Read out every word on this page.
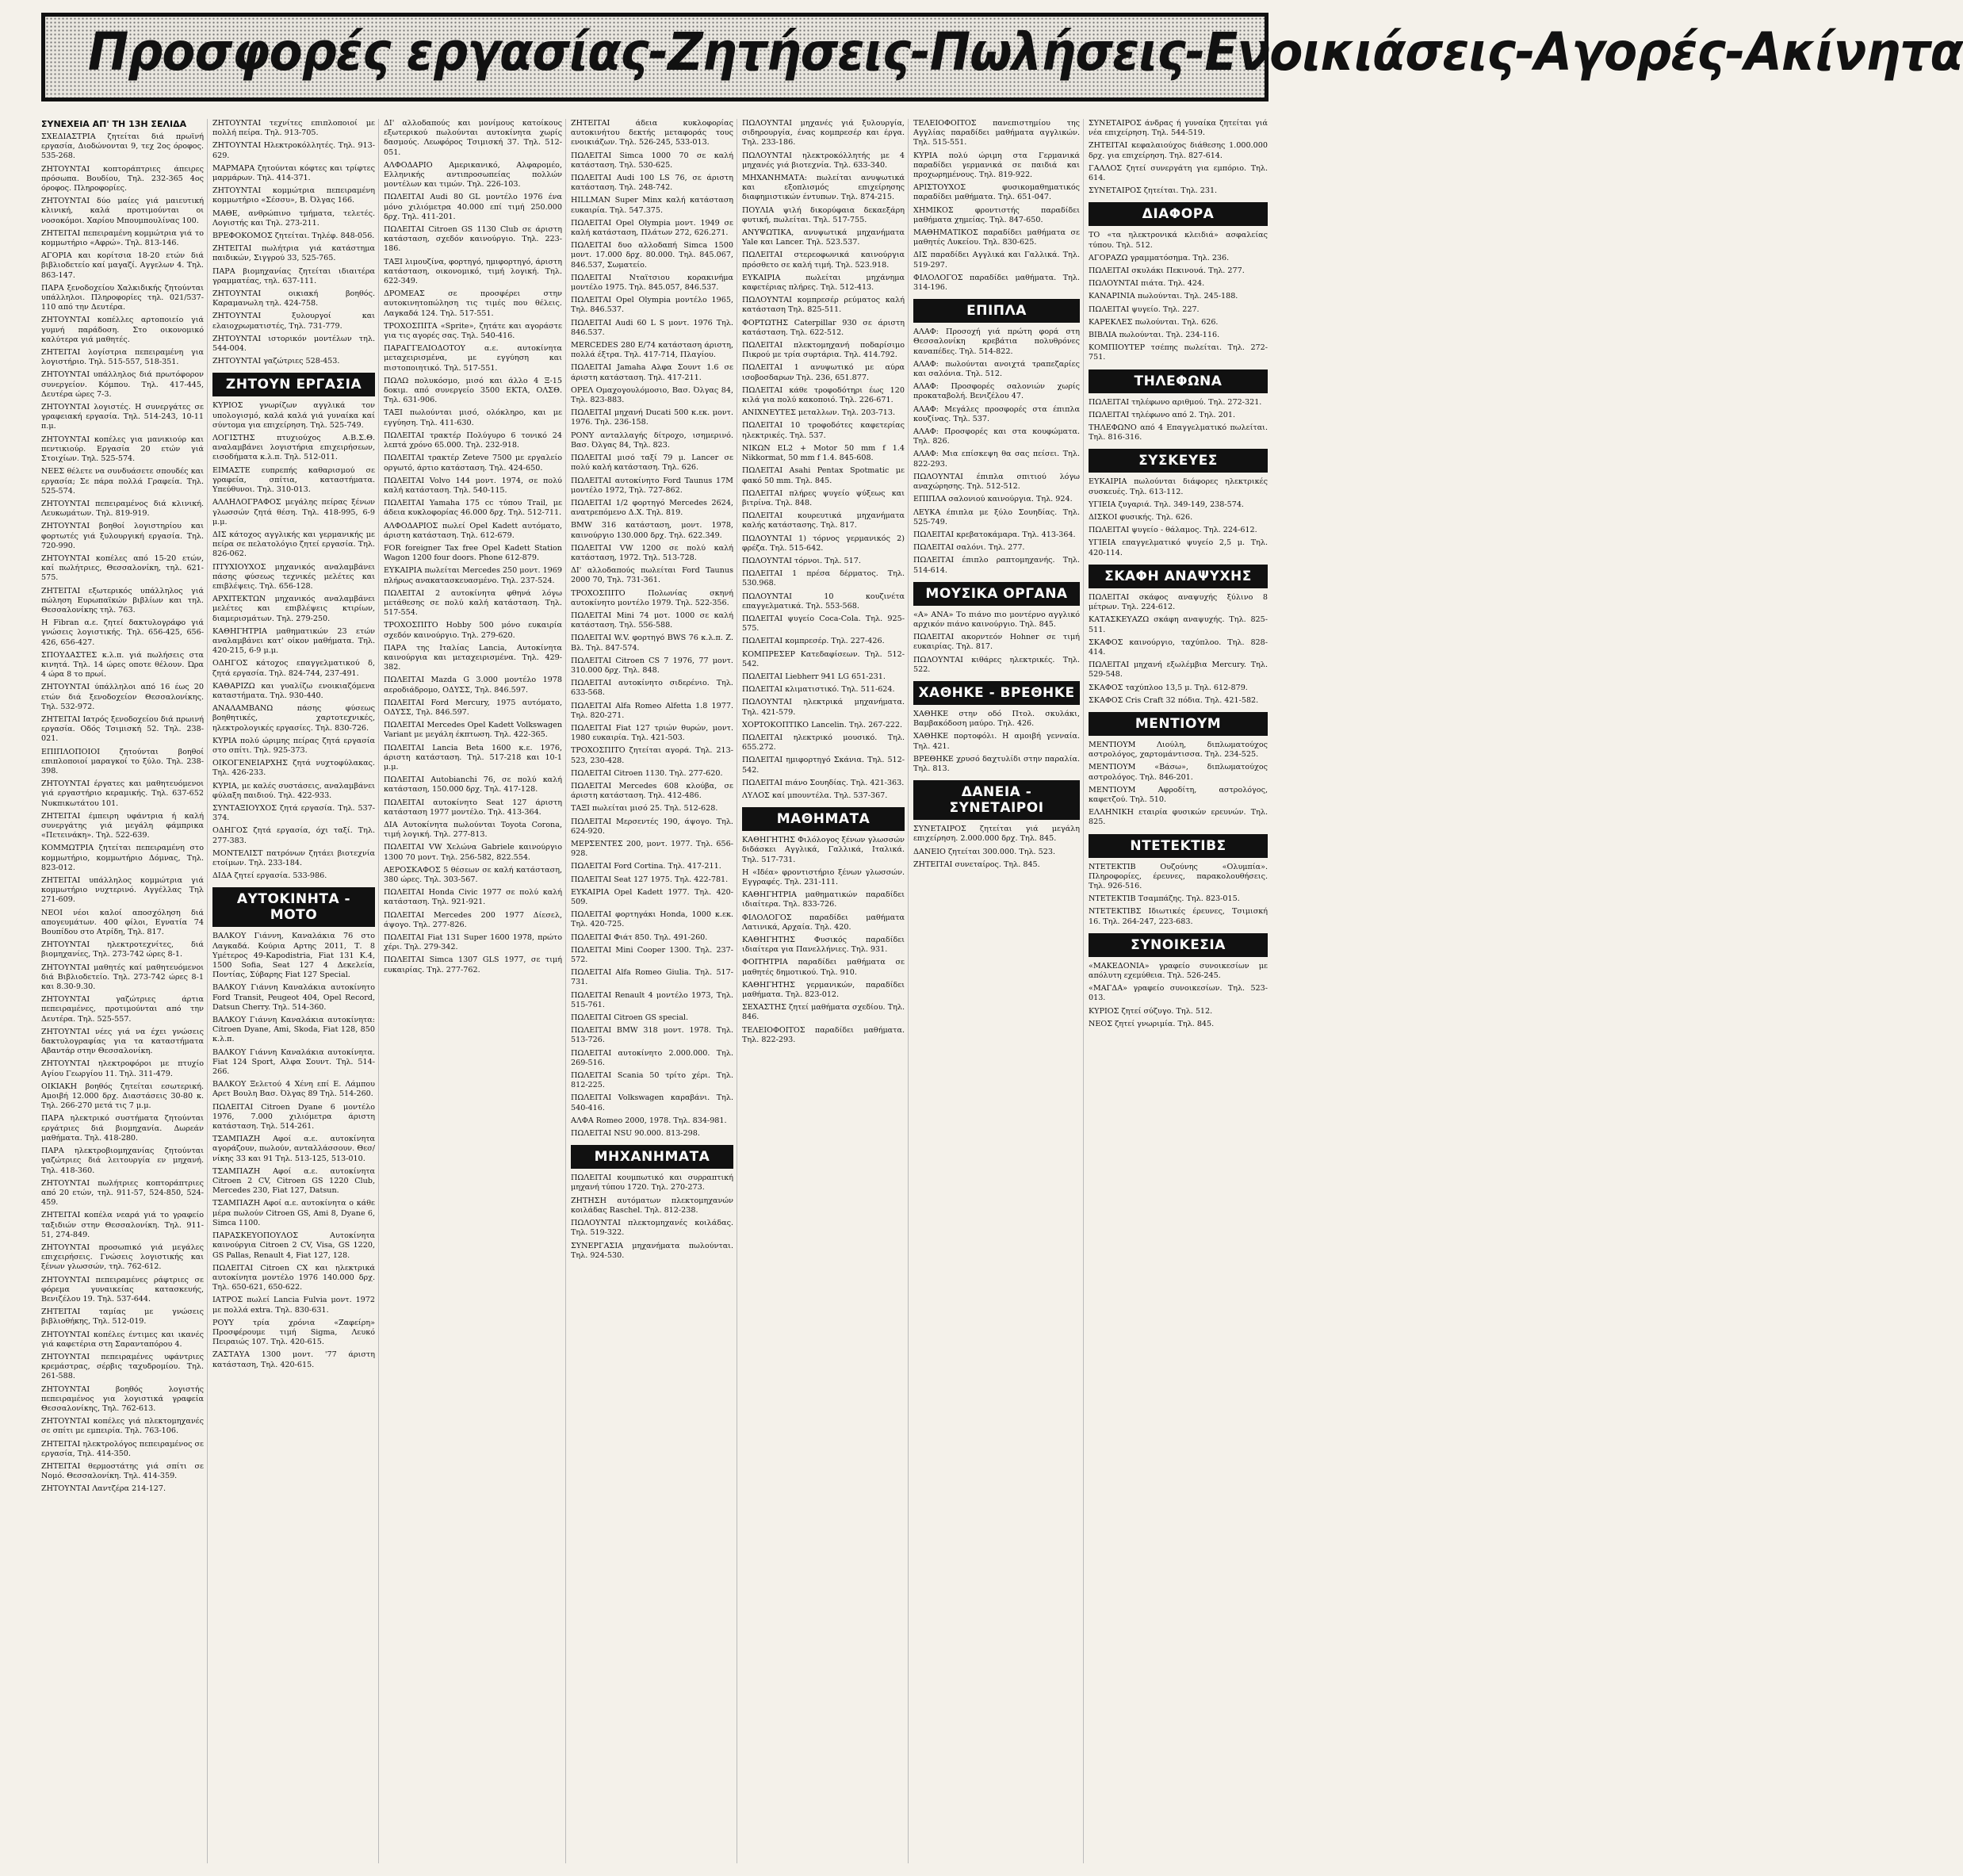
Προσφορές εργασίας-Ζητήσεις-Πωλήσεις-Ενοικιάσεις-Αγορές-Ακίνητα
ΣΥΝΕΧΕΙΑ ΑΠ' ΤΗ 13Η ΣΕΛΙΔΑ

ΣΧΕΔΙΑΣΤΡΙΑ ζητείται διά πρωϊνή εργασία, Διοδώνονται 9, τεχ 2ος όροφος. 535-268.

ΖΗΤΟΥΝΤΑΙ κοπτοράπτριες άπειρες πρόσωπα. Βουδίου, Τηλ. 232-365 4ος όροφος. Πληροφορίες.

ΖΗΤΟΥΝΤΑΙ δύο μαίες γιά μαιευτική κλινική, καλά προτιμούνται οι νοσοκόμοι. Χαρίου Μπουμπουλίνας 100.

ΖΗΤΕΙΤΑΙ πεπειραμένη κομμώτρια γιά το κομμωτήριο «Αφρώ». Τηλ. 813-146.

ΑΓΟΡΙΑ και κορίτσια 18-20 ετών διά βιβλιοδετείο καί μαγαζί. Αγγελων 4. Τηλ. 863-147.

ΠΑΡΑ ξενοδοχείου Χαλκιδικής ζητούνται υπάλληλοι. Πληροφορίες τηλ. 021/537-110 από την Δευτέρα.

ΖΗΤΟΥΝΤΑΙ κοπέλλες αρτοποιείο γιά γυμνή παράδοση. Στο οικονομικό καλύτερα γιά μαθητές.

ΖΗΤΕΙΤΑΙ λογίστρια πεπειραμένη για λογιστήριο. Τηλ. 515-557, 518-351.

ΖΗΤΟΥΝΤΑΙ υπάλληλος διά πρωτόφορον συνεργείον. Κόμπου. Τηλ. 417-445, Δευτέρα ώρες 7-3.

ΖΗΤΟΥΝΤΑΙ λογιστές. Η συνεργάτες σε γραφειακή εργασία. Τηλ. 514-243, 10-11 π.μ.

ΖΗΤΟΥΝΤΑΙ κοπέλες για μανικιούρ και πεντικιούρ. Εργασία 20 ετών γιά Στοιχίων. Τηλ. 525-574.

ΝΕΕΣ θέλετε να συνδυάσετε σπουδές και εργασία; Σε πάρα πολλά Γραφεία. Τηλ. 525-574.

ΖΗΤΟΥΝΤΑΙ πεπειραμένος διά κλινική. Λευκωμάτων. Τηλ. 819-919.

ΖΗΤΟΥΝΤΑΙ βοηθοί λογιστηρίου και φορτωτές γιά ξυλουργική εργασία. Τηλ. 720-990.

ΖΗΤΟΥΝΤΑΙ κοπέλες από 15-20 ετών, καί πωλήτριες, Θεσσαλονίκη, τηλ. 621-575.

ΖΗΤΕΙΤΑΙ εξωτερικός υπάλληλος γιά πώληση Ευρωπαϊκών βιβλίων και τηλ. Θεσσαλονίκης τηλ. 763.

Η Fibran α.ε. ζητεί δακτυλογράφο γιά γνώσεις λογιστικής. Τηλ. 656-425, 656-426, 656-427.

ΣΠΟΥΔΑΣΤΕΣ κ.λ.π. γιά πωλήσεις στα κινητά. Τηλ. 14 ώρες οποτε θέλουν. Ώρα 4 ώρα 8 το πρωί.

ΖΗΤΟΥΝΤΑΙ ύπάλληλοι από 16 έως 20 ετών διά ξενοδοχείον Θεσσαλονίκης. Τηλ. 532-972.

ΖΗΤΕΙΤΑΙ Ιατρός ξενοδοχείου διά πρωινή εργασία. Οδός Τσιμισκή 52. Τηλ. 238-021.

ΕΠΙΠΛΟΠΟΙΟΙ ζητούνται βοηθοί επιπλοποιοί μαραγκοί το ξύλο. Τηλ. 238-398.

ΖΗΤΟΥΝΤΑΙ έργατες και μαθητευόμενοι γιά εργαστήριο κεραμικής. Τηλ. 637-652 Νυκπικωτάτου 101.

ΖΗΤΕΙΤΑΙ έμπειρη υφάντρια ή καλή συνεργάτης γιά μεγάλη φάμπρικα «Πετεινάκη». Τηλ. 522-639.

ΚΟΜΜΩΤΡΙΑ ζητείται πεπειραμένη στο κομμωτήριο, κομμωτήριο Δόμνας, Τηλ. 823-012.

ΖΗΤΕΙΤΑΙ υπάλληλος κομμώτρια γιά κομμωτήριο νυχτερινό. Αγγέλλας Τηλ 271-609.

ΝΕΟΙ νέοι καλοί αποσχόληση διά απογευμάτων. 400 φίλοι, Εγνατία 74 Βουπίδου στο Ατρίδη, Τηλ. 817.

ΖΗΤΟΥΝΤΑΙ ηλεκτροτεχνίτες, διά βιομηχανίες, Τηλ. 273-742 ώρες 8-1.

ΖΗΤΟΥΝΤΑΙ μαθητές καί μαθητευόμενοι διά Βιβλιοδετείο. Τηλ. 273-742 ώρες 8-1 και 8.30-9.30.

ΖΗΤΟΥΝΤΑΙ γαζώτριες άρτια πεπειραμένες, προτιμούνται από την Δευτέρα. Τηλ. 525-557.

ΖΗΤΟΥΝΤΑΙ νέες γιά να έχει γνώσεις δακτυλογραφίας για τα καταστήματα Αβαντάρ στην Θεσσαλονίκη.

ΖΗΤΟΥΝΤΑΙ ηλεκτροφόροι με πτυχίο Αγίου Γεωργίου 11. Τηλ. 311-479.

ΟΙΚΙΑΚΗ βοηθός ζητείται εσωτερική. Αμοιβή 12.000 δρχ. Διαστάσεις 30-80 κ. Τηλ. 266-270 μετά τις 7 μ.μ.

ΠΑΡΑ ηλεκτρικό συστήματα ζητούνται εργάτριες διά βιομηχανία. Δωρεάν μαθήματα. Τηλ. 418-280.

ΠΑΡΑ ηλεκτροβιομηχανίας ζητούνται γαζώτριες διά λειτουργία εν μηχανή. Τηλ. 418-360.

ΖΗΤΟΥΝΤΑΙ πωλήτριες κοπτοράπτριες από 20 ετών, τηλ. 911-57, 524-850, 524-459.

ΖΗΤΕΙΤΑΙ κοπέλα νεαρά γιά το γραφείο ταξιδιών στην Θεσσαλονίκη. Τηλ. 911-51, 274-849.

ΖΗΤΟΥΝΤΑΙ προσωπικό γιά μεγάλες επιχειρήσεις. Γνώσεις λογιστικής και ξένων γλωσσών, τηλ. 762-612.

ΖΗΤΟΥΝΤΑΙ πεπειραμένες ράφτριες σε φόρεμα γυναικείας κατασκευής, Βενιζέλου 19. Τηλ. 537-644.

ΖΗΤΕΙΤΑΙ ταμίας με γνώσεις βιβλιοθήκης, Τηλ. 512-019.

ΖΗΤΟΥΝΤΑΙ κοπέλες έντιμες και ικανές γιά καφετέρια στη Σαρανταπόρου 4.

ΖΗΤΟΥΝΤΑΙ πεπειραμένες υφάντριες κρεμάστρας, σέρβις ταχυδρομίου. Τηλ. 261-588.

ΖΗΤΟΥΝΤΑΙ βοηθός λογιστής πεπειραμένος για λογιστικά γραφεία Θεσσαλονίκης, Τηλ. 762-613.

ΖΗΤΟΥΝΤΑΙ κοπέλες γιά πλεκτομηχανές σε σπίτι με εμπειρία. Τηλ. 763-106.

ΖΗΤΕΙΤΑΙ ηλεκτρολόγος πεπειραμένος σε εργασία, Τηλ. 414-350.

ΖΗΤΕΙΤΑΙ θερμοστάτης γιά σπίτι σε Νομό. Θεσσαλονίκη. Τηλ. 414-359.

ΖΗΤΟΥΝΤΑΙ Λαντζέρα 214-127.

ΖΗΤΟΥΝΤΑΙ τεχνίτες επιπλοποιοί με πολλή πείρα. Τηλ. 913-705.

ΖΗΤΟΥΝΤΑΙ Ηλεκτροκόλλητές. Τηλ. 913-629.

ΜΑΡΜΑΡΑ ζητούνται κόφτες και τρίφτες μαρμάρων. Τηλ. 414-371.

ΖΗΤΟΥΝΤΑΙ κομμώτρια πεπειραμένη κομμωτήριο «Σέσσυ», Β. Όλγας 166.

ΜΑΘΕ, ανθρώπινο τμήματα, τελετές. Λογιστής και Τηλ. 273-211.

ΒΡΕΦΟΚΟΜΟΣ ζητείται. Τηλέφ. 848-056.

ΖΗΤΕΙΤΑΙ πωλήτρια γιά κατάστημα παιδικών, Σιγγρού 33, 525-765.

ΠΑΡΑ βιομηχανίας ζητείται ιδιαιτέρα γραμματέας, τηλ. 637-111.

ΖΗΤΟΥΝΤΑΙ οικιακή βοηθός. Καραμανωλη τηλ. 424-758.

ΖΗΤΟΥΝΤΑΙ ξυλουργοί και ελαιοχρωματιστές, Τηλ. 731-779.

ΖΗΤΟΥΝΤΑΙ ιστορικόν μοντέλων τηλ. 544-004.

ΖΗΤΟΥΝΤΑΙ γαζώτριες 528-453.

ΖΗΤΟΥΝ ΕΡΓΑΣΙΑ

ΚΥΡΙΟΣ γνωρίζων αγγλικά τον υπολογισμό, καλά καλά γιά γυναίκα καί σύντομα για επιχείρηση. Τηλ. 525-749.

ΛΟΓΙΣΤΗΣ πτυχιούχος Α.Β.Σ.Θ. αναλαμβάνει λογιστήρια επιχειρήσεων, εισοδήματα κ.λ.π. Τηλ. 512-011.

ΕΙΜΑΣΤΕ ευπρεπής καθαρισμού σε γραφεία, σπίτια, καταστήματα. Υπεύθυνοι. Τηλ. 310-013.

ΑΛΛΗΛΟΓΡΑΦΟΣ μεγάλης πείρας ξένων γλωσσών ζητά θέση. Τηλ. 418-995, 6-9 μ.μ.

ΔΙΣ κάτοχος αγγλικής και γερμανικής με πείρα σε πελατολόγιο ζητεί εργασία. Τηλ. 826-062.

ΠΤΥΧΙΟΥΧΟΣ μηχανικός αναλαμβάνει πάσης φύσεως τεχνικές μελέτες και επιβλέψεις. Τηλ. 656-128.

ΑΡΧΙΤΕΚΤΩΝ μηχανικός αναλαμβάνει μελέτες και επιβλέψεις κτιρίων, διαμερισμάτων. Τηλ. 279-250.

ΚΑΘΗΓΗΤΡΙΑ μαθηματικών 23 ετών αναλαμβάνει κατ' οίκον μαθήματα. Τηλ. 420-215, 6-9 μ.μ.

ΟΔΗΓΟΣ κάτοχος επαγγελματικού δ, ζητά εργασία. Τηλ. 824-744, 237-491.

ΚΑΘΑΡΙΖΩ και γυαλίζω ενοικιαζόμενα καταστήματα. Τηλ. 930-440.

ΑΝΑΛΑΜΒΑΝΩ πάσης φύσεως βοηθητικές, χαρτοτεχνικές, ηλεκτρολογικές εργασίες. Τηλ. 830-726.

ΚΥΡΙΑ πολύ ώριμης πείρας ζητά εργασία στο σπίτι. Τηλ. 925-373.

ΟΙΚΟΓΕΝΕΙΑΡΧΗΣ ζητά νυχτοφύλακας. Τηλ. 426-233.

ΚΥΡΙΑ, με καλές συστάσεις, αναλαμβάνει φύλαξη παιδιού. Τηλ. 422-933.

ΣΥΝΤΑΞΙΟΥΧΟΣ ζητά εργασία. Τηλ. 537-374.

ΟΔΗΓΟΣ ζητά εργασία, όχι ταξί. Τηλ. 277-383.

ΜΟΝΤΕΛΙΣΤ πατρόνων ζητάει βιοτεχνία ετοίμων. Τηλ. 233-184.

ΔΙΔΑ ζητεί εργασία. 533-986.

ΑΥΤΟΚΙΝΗΤΑ - ΜΟΤΟ

ΒΑΛΚΟΥ Γιάννη, Καναλάκια 76 στο Λαγκαδά. Κούρια Αρτης 2011, Τ. 8 Υμέτερος 49-Kapodistria, Fiat 131 Κ.4, 1500 Sofia, Seat 127 4 Δεκελεία, Ποντίας, Σύβαρης Fiat 127 Special.

ΒΑΛΚΟΥ Γιάννη Καναλάκια αυτοκίνητο Ford Transit, Peugeot 404, Opel Record, Datsun Cherry. Τηλ. 514-360.

ΒΑΛΚΟΥ Γιάννη Καναλάκια αυτοκίνητα: Citroen Dyane, Ami, Skoda, Fiat 128, 850 κ.λ.π.

ΒΑΛΚΟΥ Γιάννη Καναλάκια αυτοκίνητα. Fiat 124 Sport, Αλφα Σουντ. Τηλ. 514-266.

ΒΑΛΚΟΥ Ξελετού 4 Χένη επί Ε. Λάμπου Αρετ Βουλη Βασ. Όλγας 89 Τηλ. 514-260.

ΠΩΛΕΙΤΑΙ Citroen Dyane 6 μοντέλο 1976, 7.000 χιλιόμετρα άριστη κατάσταση. Τηλ. 514-261.

ΤΣΑΜΠΑΖΗ Αφοί α.ε. αυτοκίνητα αγοράζουν, πωλούν, ανταλλάσσουν. Θεσ/νίκης 33 και 91 Τηλ. 513-125, 513-010.

ΤΣΑΜΠΑΖΗ Αφοί α.ε. αυτοκίνητα Citroen 2 CV, Citroen GS 1220 Club, Mercedes 230, Fiat 127, Datsun.

ΤΣΑΜΠΑΖΗ Αφοί α.ε. αυτοκίνητα ο κάθε μέρα πωλούν Citroen GS, Ami 8, Dyane 6, Simca 1100.

ΠΑΡΑΣΚΕΥΟΠΟΥΛΟΣ Αυτοκίνητα καινούργια Citroen 2 CV, Visa, GS 1220, GS Pallas, Renault 4, Fiat 127, 128.

ΠΩΛΕΙΤΑΙ Citroen CX και ηλεκτρικά αυτοκίνητα μοντέλο 1976 140.000 δρχ. Τηλ. 650-621, 650-622.

ΙΑΤΡΟΣ πωλεί Lancia Fulvia μοντ. 1972 με πολλά extra. Τηλ. 830-631.

ΡΟΥΥ τρία χρόνια «Ζαφείρη» Προσφέρουμε τιμή Sigma, Λευκό Πειραιώς 107. Τηλ. 420-615.

ΖΑΣΤΑΥΑ 1300 μοντ. '77 άριστη κατάσταση, Τηλ. 420-615.

ΔΙ' αλλοδαπούς και μονίμους κατοίκους εξωτερικού πωλούνται αυτοκίνητα χωρίς δασμούς. Λεωφόρος Τσιμισκή 37. Τηλ. 512-051.

ΑΛΦΟΔΑΡΙΟ Αμερικανικό, Αλφαρομέο, Ελληνικής αντιπροσωπείας πολλών μοντέλων και τιμών. Τηλ. 226-103.

ΠΩΛΕΙΤΑΙ Audi 80 GL μοντέλο 1976 ένα μόνο χιλιόμετρα 40.000 επί τιμή 250.000 δρχ. Τηλ. 411-201.

ΠΩΛΕΙΤΑΙ Citroen GS 1130 Club σε άριστη κατάσταση, σχεδόν καινούργιο. Τηλ. 223-186.

ΤΑΞΙ λιμουζίνα, φορτηγό, ημιφορτηγό, άριστη κατάσταση, οικονομικό, τιμή λογική. Τηλ. 622-349.

ΔΡΟΜΕΑΣ σε προσφέρει στην αυτοκινητοπώληση τις τιμές που θέλεις. Λαγκαδά 124. Τηλ. 517-551.

ΤΡΟΧΟΣΠΙΤΑ «Sprite», ζητάτε και αγοράστε για τις αγορές σας. Τηλ. 540-416.

ΠΑΡΑΓΓΕΛΙΟΔΟΤΟΥ α.ε. αυτοκίνητα μεταχειρισμένα, με εγγύηση και πιστοποιητικό. Τηλ. 517-551.

ΠΩΛΩ πολυκόσμο, μισό και άλλο 4 Ξ-15 δοκιμ. από συνεργείο 3500 ΕΚΤΑ, ΟΛΣΘ. Τηλ. 631-906.

ΤΑΞΙ πωλούνται μισό, ολόκληρο, και με εγγύηση. Τηλ. 411-630.

ΠΩΛΕΙΤΑΙ τρακτέρ Πολύγυρο 6 τονικό 24 λεπτά χρόνο 65.000. Τηλ. 232-918.

ΠΩΛΕΙΤΑΙ τρακτέρ Zeteve 7500 με εργαλείο οργωτό, άρτιο κατάσταση. Τηλ. 424-650.

ΠΩΛΕΙΤΑΙ Volvo 144 μοντ. 1974, σε πολύ καλή κατάσταση. Τηλ. 540-115.

ΠΩΛΕΙΤΑΙ Yamaha 175 cc τύπου Trail, με άδεια κυκλοφορίας 46.000 δρχ. Τηλ. 512-711.

ΑΛΦΟΔΑΡΙΟΣ πωλεί Opel Kadett αυτόματο, άριστη κατάσταση. Τηλ. 612-679.

FOR foreigner Tax free Opel Kadett Station Wagon 1200 four doors. Phone 612-879.

ΕΥΚΑΙΡΙΑ πωλείται Mercedes 250 μοντ. 1969 πλήρως ανακατασκευασμένο. Τηλ. 237-524.

ΠΩΛΕΙΤΑΙ 2 αυτοκίνητα φθηνά λόγω μετάθεσης σε πολύ καλή κατάσταση. Τηλ. 517-554.

ΤΡΟΧΟΣΠΙΤΟ Hobby 500 μόνο ευκαιρία σχεδόν καινούργιο. Τηλ. 279-620.

ΠΑΡΑ της Ιταλίας Lancia, Αυτοκίνητα καινούργια και μεταχειρισμένα. Τηλ. 429-382.

ΠΩΛΕΙΤΑΙ Mazda G 3.000 μοντέλο 1978 αεροδιάδρομο, ΟΔΥΣΣ, Τηλ. 846.597.

ΠΩΛΕΙΤΑΙ Ford Mercury, 1975 αυτόματο, ΟΔΥΣΣ, Τηλ. 846.597.

ΠΩΛΕΙΤΑΙ Mercedes Opel Kadett Volkswagen Variant με μεγάλη έκπτωση. Τηλ. 422-365.

ΠΩΛΕΙΤΑΙ Lancia Beta 1600 κ.ε. 1976, άριστη κατάσταση. Τηλ. 517-218 και 10-1 μ.μ.

ΠΩΛΕΙΤΑΙ Autobianchi 76, σε πολύ καλή κατάσταση, 150.000 δρχ. Τηλ. 417-128.

ΠΩΛΕΙΤΑΙ αυτοκίνητο Seat 127 άριστη κατάσταση 1977 μοντέλο. Τηλ. 413-364.

ΔΙΑ Αυτοκίνητα πωλούνται Toyota Corona, τιμή λογική. Τηλ. 277-813.

ΠΩΛΕΙΤΑΙ VW Χελώνα Gabriele καινούργιο 1300 70 μοντ. Τηλ. 256-582, 822.554.

ΑΕΡΟΣΚΑΦΟΣ 5 θέσεων σε καλή κατάσταση, 380 ώρες. Τηλ. 303-567.

ΠΩΛΕΙΤΑΙ Honda Civic 1977 σε πολύ καλή κατάσταση. Τηλ. 921-921.

ΠΩΛΕΙΤΑΙ Mercedes 200 1977 Δίεσελ, άψογο. Τηλ. 277-826.

ΠΩΛΕΙΤΑΙ Fiat 131 Super 1600 1978, πρώτο χέρι. Τηλ. 279-342.

ΠΩΛΕΙΤΑΙ Simca 1307 GLS 1977, σε τιμή ευκαιρίας. Τηλ. 277-762.

ΖΗΤΕΙΤΑΙ άδεια κυκλοφορίας αυτοκινήτου δεκτής μεταφοράς τους ενοικιάζων. Τηλ. 526-245, 533-013.

ΠΩΛΕΙΤΑΙ Simca 1000 70 σε καλή κατάσταση. Τηλ. 530-625.

ΠΩΛΕΙΤΑΙ Audi 100 LS 76, σε άριστη κατάσταση. Τηλ. 248-742.

HILLMAN Super Minx καλή κατάσταση ευκαιρία. Τηλ. 547.375.

ΠΩΛΕΙΤΑΙ Opel Olympia μοντ. 1949 σε καλή κατάσταση, Πλάτων 272, 626.271.

ΠΩΛΕΙΤΑΙ δυο αλλοδαπή Simca 1500 μοντ. 17.000 δρχ. 80.000. Τηλ. 845.067, 846.537, Σωματείο.

ΠΩΛΕΙΤΑΙ Νταϊτσιου κορακινήμα μοντέλο 1975. Τηλ. 845.057, 846.537.

ΠΩΛΕΙΤΑΙ Opel Olympia μοντέλο 1965, Τηλ. 846.537.

ΠΩΛΕΙΤΑΙ Audi 60 L S μοντ. 1976 Τηλ. 846.537.

MERCEDES 280 E/74 κατάσταση άριστη, πολλά έξτρα. Τηλ. 417-714, Πλαγίου.

ΠΩΛΕΙΤΑΙ Jamaha Αλφα Σουντ 1.6 σε άριστη κατάσταση. Τηλ. 417-211.

ΟΡΕΛ Ομαχογουλόμοσιο, Βασ. Όλγας 84, Τηλ. 823-883.

ΠΩΛΕΙΤΑΙ μηχανή Ducati 500 κ.εκ. μοντ. 1976. Τηλ. 236-158.

ΡΟΝΥ ανταλλαγής δίτροχο, ισημερινό. Βασ. Όλγας 84, Τηλ. 823.

ΠΩΛΕΙΤΑΙ μισό ταξί 79 μ. Lancer σε πολύ καλή κατάσταση. Τηλ. 626.

ΠΩΛΕΙΤΑΙ αυτοκίνητο Ford Taunus 17M μοντέλο 1972, Τηλ. 727-862.

ΠΩΛΕΙΤΑΙ 1/2 φορτηγό Mercedes 2624, ανατρεπόμενο Δ.Χ. Τηλ. 819.

BMW 316 κατάσταση, μοντ. 1978, καινούργιο 130.000 δρχ. Τηλ. 622.349.

ΠΩΛΕΙΤΑΙ VW 1200 σε πολύ καλή κατάσταση, 1972. Τηλ. 513-728.

ΔΙ' αλλοδαπούς πωλείται Ford Taunus 2000 70, Τηλ. 731-361.

ΤΡΟΧΟΣΠΙΤΟ Πολωνίας σκηνή αυτοκίνητο μοντέλο 1979. Τηλ. 522-356.

ΠΩΛΕΙΤΑΙ Mini 74 μοτ. 1000 σε καλή κατάσταση. Τηλ. 556-588.

ΠΩΛΕΙΤΑΙ W.V. φορτηγό BWS 76 κ.λ.π. Ζ. Βλ. Τηλ. 847-574.

ΠΩΛΕΙΤΑΙ Citroen CS 7 1976, 77 μοντ. 310.000 δρχ. Τηλ. 848.

ΠΩΛΕΙΤΑΙ αυτοκίνητο σιδερένιο. Τηλ. 633-568.

ΠΩΛΕΙΤΑΙ Alfa Romeo Alfetta 1.8 1977. Τηλ. 820-271.

ΠΩΛΕΙΤΑΙ Fiat 127 τριών θυρών, μοντ. 1980 ευκαιρία. Τηλ. 421-503.

ΤΡΟΧΟΣΠΙΤΟ ζητείται αγορά. Τηλ. 213-523, 230-428.

ΠΩΛΕΙΤΑΙ Citroen 1130. Τηλ. 277-620.

ΠΩΛΕΙΤΑΙ Mercedes 608 κλούβα, σε άριστη κατάσταση. Τηλ. 412-486.

ΤΑΞΙ πωλείται μισό 25. Τηλ. 512-628.

ΠΩΛΕΙΤΑΙ Μερσεντές 190, άψογο. Τηλ. 624-920.

ΜΕΡΣΕΝΤΕΣ 200, μοντ. 1977. Τηλ. 656-928.

ΠΩΛΕΙΤΑΙ Ford Cortina. Τηλ. 417-211.

ΠΩΛΕΙΤΑΙ Seat 127 1975. Τηλ. 422-781.

ΕΥΚΑΙΡΙΑ Opel Kadett 1977. Τηλ. 420-509.

ΠΩΛΕΙΤΑΙ φορτηγάκι Honda, 1000 κ.εκ. Τηλ. 420-725.

ΠΩΛΕΙΤΑΙ Φιάτ 850. Τηλ. 491-260.

ΠΩΛΕΙΤΑΙ Mini Cooper 1300. Τηλ. 237-572.

ΠΩΛΕΙΤΑΙ Alfa Romeo Giulia. Τηλ. 517-731.

ΠΩΛΕΙΤΑΙ Renault 4 μοντέλο 1973, Τηλ. 515-761.

ΠΩΛΕΙΤΑΙ Citroen GS special.

ΠΩΛΕΙΤΑΙ BMW 318 μοντ. 1978. Τηλ. 513-726.

ΠΩΛΕΙΤΑΙ αυτοκίνητο 2.000.000. Τηλ. 269-516.

ΠΩΛΕΙΤΑΙ Scania 50 τρίτο χέρι. Τηλ. 812-225.

ΠΩΛΕΙΤΑΙ Volkswagen καραβάνι. Τηλ. 540-416.

ΑΛΦΑ Romeo 2000, 1978. Τηλ. 834-981.

ΠΩΛΕΙΤΑΙ NSU 90.000. 813-298.

ΜΗΧΑΝΗΜΑΤΑ

ΠΩΛΕΙΤΑΙ κουμπωτικό και συρραπτική μηχανή τύπου 1720. Τηλ. 270-273.

ΖΗΤΗΣΗ αυτόματων πλεκτομηχανών κοιλάδας Raschel. Τηλ. 812-238.

ΠΩΛΟΥΝΤΑΙ πλεκτομηχανές κοιλάδας. Τηλ. 519-322.

ΣΥΝΕΡΓΑΣΙΑ μηχανήματα πωλούνται. Τηλ. 924-530.

ΠΩΛΟΥΝΤΑΙ μηχανές γιά ξυλουργία, σιδηρουργία, ένας κομπρεσέρ και έργα. Τηλ. 233-186.

ΠΩΛΟΥΝΤΑΙ ηλεκτροκόλλητής με 4 μηχανές γιά βιοτεχνία. Τηλ. 633-340.

ΜΗΧΑΝΗΜΑΤΑ: πωλείται ανυψωτικά και εξοπλισμός επιχείρησης διαφημιστικών έντυπων. Τηλ. 874-215.

ΠΟΥΛΙΑ ψιλή δικορύφαια δεκαεξάρη φυτική, πωλείται. Τηλ. 517-755.

ΑΝΥΨΩΤΙΚΑ, ανυψωτικά μηχανήματα Yale και Lancer. Τηλ. 523.537.

ΠΩΛΕΙΤΑΙ στερεοφωνικά καινούργια πρόσθετο σε καλή τιμή. Τηλ. 523.918.

ΕΥΚΑΙΡΙΑ πωλείται μηχάνημα καφετέριας πλήρες. Τηλ. 512-413.

ΠΩΛΟΥΝΤΑΙ κομπρεσέρ ρεύματος καλή κατάσταση Τηλ. 825-511.

ΦΟΡΤΩΤΗΣ Caterpillar 930 σε άριστη κατάσταση. Τηλ. 622-512.

ΠΩΛΕΙΤΑΙ πλεκτομηχανή ποδαρίσιμο Πικρού με τρία συρτάρια. Τηλ. 414.792.

ΠΩΛΕΙΤΑΙ 1 ανυψωτικό με αύρα ισοβοσδαρων Τηλ. 236, 651.877.

ΠΩΛΕΙΤΑΙ κάθε τροφοδότηρι έως 120 κιλά για πολύ κακοποιό. Τηλ. 226-671.

ΑΝΙΧΝΕΥΤΕΣ μεταλλων. Τηλ. 203-713.

ΠΩΛΕΙΤΑΙ 10 τροφοδότες καφετερίας ηλεκτρικές. Τηλ. 537.

ΝΙΚΩΝ EL2 + Motor 50 mm f 1.4 Nikkormat, 50 mm f 1.4. 845-608.

ΠΩΛΕΙΤΑΙ Asahi Pentax Spotmatic με φακό 50 mm. Τηλ. 845.

ΠΩΛΕΙΤΑΙ πλήρες ψυγείο ψύξεως και βιτρίνα. Τηλ. 848.

ΠΩΛΕΙΤΑΙ κουρευτικά μηχανήματα καλής κατάστασης. Τηλ. 817.

ΠΩΛΟΥΝΤΑΙ 1) τόρνος γερμανικός 2) φρέζα. Τηλ. 515-642.

ΠΩΛΟΥΝΤΑΙ τόρνοι. Τηλ. 517.

ΠΩΛΕΙΤΑΙ 1 πρέσα δέρματος. Τηλ. 530.968.

ΠΩΛΟΥΝΤΑΙ 10 κουζινέτα επαγγελματικά. Τηλ. 553-568.

ΠΩΛΕΙΤΑΙ ψυγείο Coca-Cola. Τηλ. 925-575.

ΠΩΛΕΙΤΑΙ κομπρεσέρ. Τηλ. 227-426.

ΚΟΜΠΡΕΣΕΡ Κατεδαφίσεων. Τηλ. 512-542.

ΠΩΛΕΙΤΑΙ Liebherr 941 LG 651-231.

ΠΩΛΕΙΤΑΙ κλιματιστικό. Τηλ. 511-624.

ΠΩΛΟΥΝΤΑΙ ηλεκτρικά μηχανήματα. Τηλ. 421-579.

ΧΟΡΤΟΚΟΠΤΙΚΟ Lancelin. Τηλ. 267-222.

ΠΩΛΕΙΤΑΙ ηλεκτρικό μουσικό. Τηλ. 655.272.

ΠΩΛΕΙΤΑΙ ημιφορτηγό Σκάνια. Τηλ. 512-542.

ΠΩΛΕΙΤΑΙ πιάνο Σουηδίας. Τηλ. 421-363.

ΛΥΛΟΣ καί μπουντέλα. Τηλ. 537-367.

ΜΑΘΗΜΑΤΑ

ΚΑΘΗΓΗΤΗΣ Φιλόλογος ξένων γλωσσών διδάσκει Αγγλικά, Γαλλικά, Ιταλικά. Τηλ. 517-731.

Η «Ιδέα» φροντιστήριο ξένων γλωσσών. Εγγραφές. Τηλ. 231-111.

ΚΑΘΗΓΗΤΡΙΑ μαθηματικών παραδίδει ιδιαίτερα. Τηλ. 833-726.

ΦΙΛΟΛΟΓΟΣ παραδίδει μαθήματα Λατινικά, Αρχαία. Τηλ. 420.

ΚΑΘΗΓΗΤΗΣ Φυσικός παραδίδει ιδιαίτερα για Πανελλήνιες. Τηλ. 931.

ΦΟΙΤΗΤΡΙΑ παραδίδει μαθήματα σε μαθητές δημοτικού. Τηλ. 910.

ΚΑΘΗΓΗΤΗΣ γερμανικών, παραδίδει μαθήματα. Τηλ. 823-012.

ΣΕΧΑΣΤΗΣ ζητεί μαθήματα σχεδίου. Τηλ. 846.

ΤΕΛΕΙΟΦΟΙΤΟΣ παραδίδει μαθήματα. Τηλ. 822-293.

ΤΕΛΕΙΟΦΟΙΤΟΣ πανεπιστημίου της Αγγλίας παραδίδει μαθήματα αγγλικών. Τηλ. 515-551.

ΚΥΡΙΑ πολύ ώριμη στα Γερμανικά παραδίδει γερμανικά σε παιδιά και προχωρημένους. Τηλ. 819-922.

ΑΡΙΣΤΟΥΧΟΣ φυσικομαθηματικός παραδίδει μαθήματα. Τηλ. 651-047.

ΧΗΜΙΚΟΣ φροντιστής παραδίδει μαθήματα χημείας. Τηλ. 847-650.

ΜΑΘΗΜΑΤΙΚΟΣ παραδίδει μαθήματα σε μαθητές Λυκείου. Τηλ. 830-625.

ΔΙΣ παραδίδει Αγγλικά και Γαλλικά. Τηλ. 519-297.

ΦΙΛΟΛΟΓΟΣ παραδίδει μαθήματα. Τηλ. 314-196.

ΕΠΙΠΛΑ

ΑΛΑΦ: Προσοχή γιά πρώτη φορά στη Θεσσαλονίκη κρεβάτια πολυθρόνες καναπέδες. Τηλ. 514-822.

ΑΛΑΦ: πωλούνται ανοιχτά τραπεζαρίες και σαλόνια. Τηλ. 512.

ΑΛΑΦ: Προσφορές σαλονιών χωρίς προκαταβολή. Βενιζέλου 47.

ΑΛΑΦ: Μεγάλες προσφορές στα έπιπλα κουζίνας. Τηλ. 537.

ΑΛΑΦ: Προσφορές και στα κουφώματα. Τηλ. 826.

ΑΛΑΦ: Μια επίσκεψη θα σας πείσει. Τηλ. 822-293.

ΠΩΛΟΥΝΤΑΙ έπιπλα σπιτιού λόγω αναχώρησης. Τηλ. 512-512.

ΕΠΙΠΛΑ σαλονιού καινούργια. Τηλ. 924.

ΛΕΥΚΑ έπιπλα με ξύλο Σουηδίας. Τηλ. 525-749.

ΠΩΛΕΙΤΑΙ κρεβατοκάμαρα. Τηλ. 413-364.

ΠΩΛΕΙΤΑΙ σαλόνι. Τηλ. 277.

ΠΩΛΕΙΤΑΙ έπιπλο ραπτομηχανής. Τηλ. 514-614.

ΜΟΥΣΙΚΑ ΟΡΓΑΝΑ

«Α» ΑΝΑ» Το πιάνο πιο μοντέρνο αγγλικό αρχικόν πιάνο καινούργιο. Τηλ. 845.

ΠΩΛΕΙΤΑΙ ακορντεόν Hohner σε τιμή ευκαιρίας. Τηλ. 817.

ΠΩΛΟΥΝΤΑΙ κιθάρες ηλεκτρικές. Τηλ. 522.

ΧΑΘΗΚΕ - ΒΡΕΘΗΚΕ

ΧΑΘΗΚΕ στην οδό Πτολ. σκυλάκι, Βαμβακόδοση μαύρο. Τηλ. 426.

ΧΑΘΗΚΕ πορτοφόλι. Η αμοιβή γενναία. Τηλ. 421.

ΒΡΕΘΗΚΕ χρυσό δαχτυλίδι στην παραλία. Τηλ. 813.

ΔΑΝΕΙΑ - ΣΥΝΕΤΑΙΡΟΙ

ΣΥΝΕΤΑΙΡΟΣ ζητείται γιά μεγάλη επιχείρηση. 2.000.000 δρχ. Τηλ. 845.

ΔΑΝΕΙΟ ζητείται 300.000. Τηλ. 523.

ΖΗΤΕΙΤΑΙ συνεταίρος. Τηλ. 845.

ΣΥΝΕΤΑΙΡΟΣ άνδρας ή γυναίκα ζητείται γιά νέα επιχείρηση. Τηλ. 544-519.

ΖΗΤΕΙΤΑΙ κεφαλαιούχος διάθεσης 1.000.000 δρχ. για επιχείρηση. Τηλ. 827-614.

ΓΑΛΛΟΣ ζητεί συνεργάτη για εμπόριο. Τηλ. 614.

ΣΥΝΕΤΑΙΡΟΣ ζητείται. Τηλ. 231.

ΔΙΑΦΟΡΑ

ΤΟ «τα ηλεκτρονικά κλειδιά» ασφαλείας τύπου. Τηλ. 512.

ΑΓΟΡΑΖΩ γραμματόσημα. Τηλ. 236.

ΠΩΛΕΙΤΑΙ σκυλάκι Πεκινουά. Τηλ. 277.

ΠΩΛΟΥΝΤΑΙ πιάτα. Τηλ. 424.

ΚΑΝΑΡΙΝΙΑ πωλούνται. Τηλ. 245-188.

ΠΩΛΕΙΤΑΙ ψυγείο. Τηλ. 227.

ΚΑΡΕΚΛΕΣ πωλούνται. Τηλ. 626.

ΒΙΒΛΙΑ πωλούνται. Τηλ. 234-116.

ΚΟΜΠΙΟΥΤΕΡ τσέπης πωλείται. Τηλ. 272-751.

ΤΗΛΕΦΩΝΑ

ΠΩΛΕΙΤΑΙ τηλέφωνο αριθμού. Τηλ. 272-321.

ΠΩΛΕΙΤΑΙ τηλέφωνο από 2. Τηλ. 201.

ΤΗΛΕΦΩΝΟ από 4 Επαγγελματικό πωλείται. Τηλ. 816-316.

ΣΥΣΚΕΥΕΣ

ΕΥΚΑΙΡΙΑ πωλούνται διάφορες ηλεκτρικές συσκευές. Τηλ. 613-112.

ΥΓΙΕΙΑ ζυγαριά. Τηλ. 349-149, 238-574.

ΔΙΣΚΟΙ φυσικής. Τηλ. 626.

ΠΩΛΕΙΤΑΙ ψυγείο - θάλαμος. Τηλ. 224-612.

ΥΓΙΕΙΑ επαγγελματικό ψυγείο 2,5 μ. Τηλ. 420-114.

ΣΚΑΦΗ ΑΝΑΨΥΧΗΣ

ΠΩΛΕΙΤΑΙ σκάφος αναψυχής ξύλινο 8 μέτρων. Τηλ. 224-612.

ΚΑΤΑΣΚΕΥΑΖΩ σκάφη αναψυχής. Τηλ. 825-511.

ΣΚΑΦΟΣ καινούργιο, ταχύπλοο. Τηλ. 828-414.

ΠΩΛΕΙΤΑΙ μηχανή εξωλέμβια Mercury. Τηλ. 529-548.

ΣΚΑΦΟΣ ταχύπλοο 13,5 μ. Τηλ. 612-879.

ΣΚΑΦΟΣ Cris Craft 32 πόδια. Τηλ. 421-582.

ΜΕΝΤΙΟΥΜ

ΜΕΝΤΙΟΥΜ Λιούλη, διπλωματούχος αστρολόγος, χαρτομάντισσα. Τηλ. 234-525.

ΜΕΝΤΙΟΥΜ «Βάσω», διπλωματούχος αστρολόγος. Τηλ. 846-201.

ΜΕΝΤΙΟΥΜ Αφροδίτη, αστρολόγος, καφετζού. Τηλ. 510.

ΕΛΛΗΝΙΚΗ εταιρία φυσικών ερευνών. Τηλ. 825.

ΝΤΕΤΕΚΤΙΒΣ

ΝΤΕΤΕΚΤΙΒ Ουζούνης «Ολυμπία». Πληροφορίες, έρευνες, παρακολουθήσεις. Τηλ. 926-516.

ΝΤΕΤΕΚΤΙΒ Τσαμπάζης. Τηλ. 823-015.

ΝΤΕΤΕΚΤΙΒΣ Ιδιωτικές έρευνες, Τσιμισκή 16. Τηλ. 264-247, 223-683.

ΣΥΝΟΙΚΕΣΙΑ

«ΜΑΚΕΔΟΝΙΑ» γραφείο συνοικεσίων με απόλυτη εχεμύθεια. Τηλ. 526-245.

«ΜΑΓΔΑ» γραφείο συνοικεσίων. Τηλ. 523-013.

ΚΥΡΙΟΣ ζητεί σύζυγο. Τηλ. 512.

ΝΕΟΣ ζητεί γνωριμία. Τηλ. 845.
